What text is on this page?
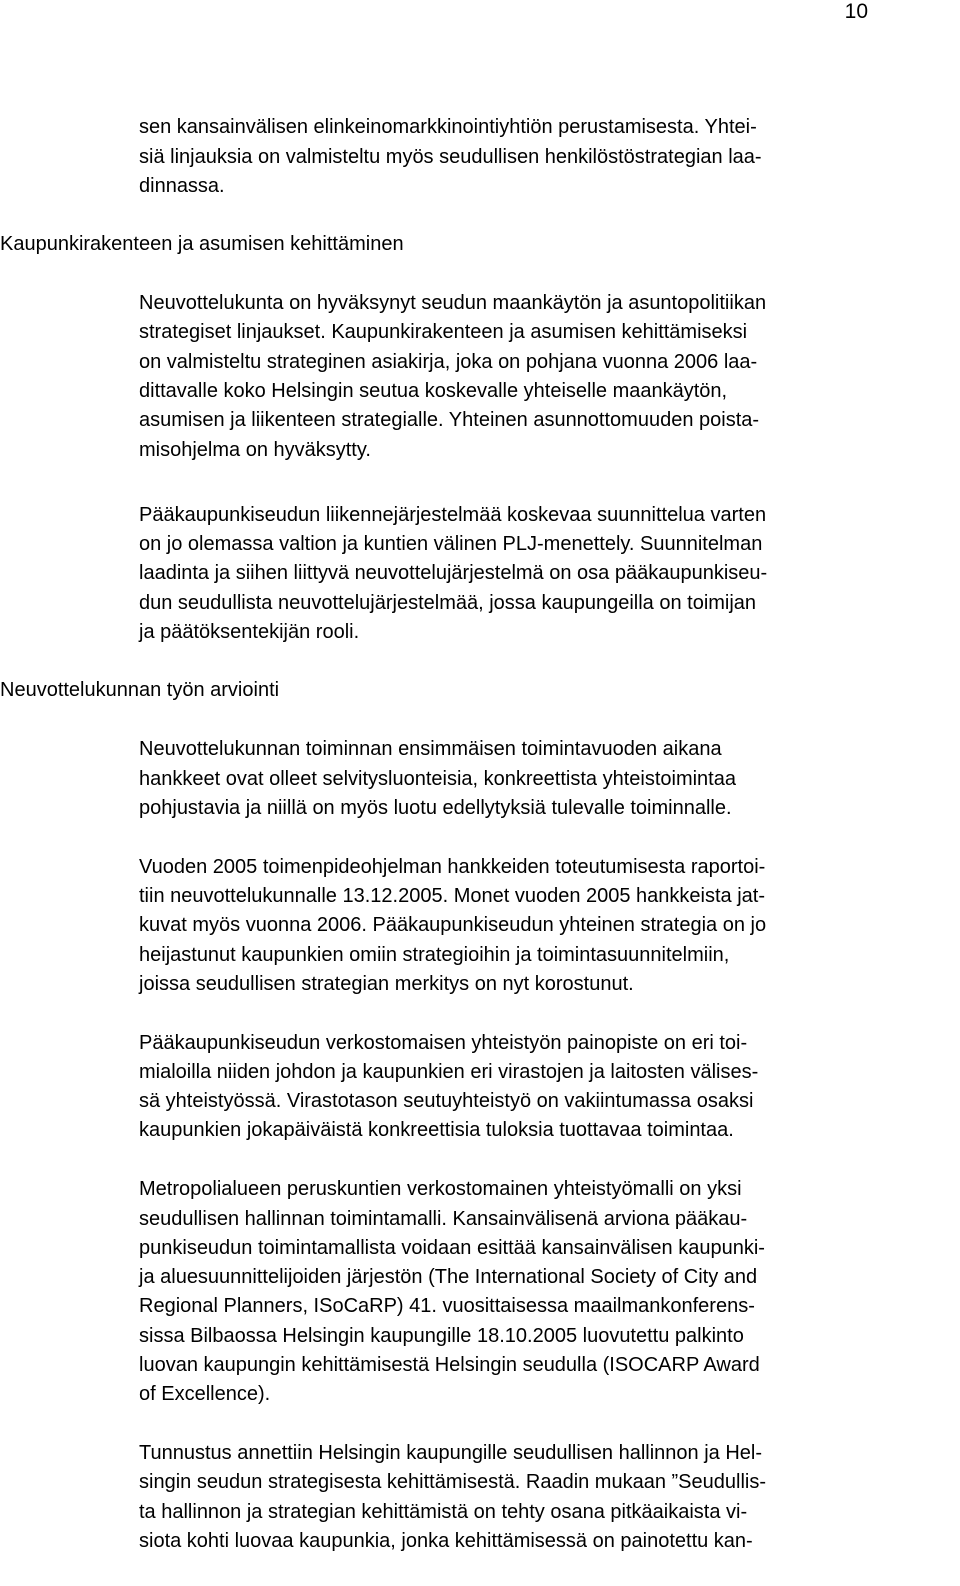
10

sen kansainvälisen elinkeinomarkkinointiyhtiön perustamisesta. Yhtei-

siä linjauksia on valmisteltu myös seudullisen henkilöstöstrategian laa-

dinnassa.

Kaupunkirakenteen ja asumisen kehittäminen

Neuvottelukunta on hyväksynyt seudun maankäytön ja asuntopolitiikan

strategiset linjaukset. Kaupunkirakenteen ja asumisen kehittämiseksi

on valmisteltu strateginen asiakirja, joka on pohjana vuonna 2006 laa-

dittavalle koko Helsingin seutua koskevalle yhteiselle maankäytön,

asumisen ja liikenteen strategialle. Yhteinen asunnottomuuden poista-

misohjelma on hyväksytty.

Pääkaupunkiseudun liikennejärjestelmää koskevaa suunnittelua varten

on jo olemassa valtion ja kuntien välinen PLJ-menettely. Suunnitelman

laadinta ja siihen liittyvä neuvottelujärjestelmä on osa pääkaupunkiseu-

dun seudullista neuvottelujärjestelmää, jossa kaupungeilla on toimijan

ja päätöksentekijän rooli.

Neuvottelukunnan työn arviointi

Neuvottelukunnan toiminnan ensimmäisen toimintavuoden aikana

hankkeet ovat olleet selvitysluonteisia, konkreettista yhteistoimintaa

pohjustavia ja niillä on myös luotu edellytyksiä tulevalle toiminnalle.

Vuoden 2005 toimenpideohjelman hankkeiden toteutumisesta raportoi-

tiin neuvottelukunnalle 13.12.2005. Monet vuoden 2005 hankkeista jat-

kuvat myös vuonna 2006. Pääkaupunkiseudun yhteinen strategia on jo

heijastunut kaupunkien omiin strategioihin ja toimintasuunnitelmiin,

joissa seudullisen strategian merkitys on nyt korostunut.

Pääkaupunkiseudun verkostomaisen yhteistyön painopiste on eri toi-

mialoilla niiden johdon ja kaupunkien eri virastojen ja laitosten välises-

sä yhteistyössä. Virastotason seutuyhteistyö on vakiintumassa osaksi

kaupunkien jokapäiväistä konkreettisia tuloksia tuottavaa toimintaa.

Metropolialueen peruskuntien verkostomainen yhteistyömalli on yksi

seudullisen hallinnan toimintamalli. Kansainvälisenä arviona pääkau-

punkiseudun toimintamallista voidaan esittää kansainvälisen kaupunki-

ja aluesuunnittelijoiden järjestön (The International Society of City and

Regional Planners, ISoCaRP) 41. vuosittaisessa maailmankonferens-

sissa Bilbaossa Helsingin kaupungille 18.10.2005 luovutettu palkinto

luovan kaupungin kehittämisestä Helsingin seudulla (ISOCARP Award

of Excellence).

Tunnustus annettiin Helsingin kaupungille seudullisen hallinnon ja Hel-

singin seudun strategisesta kehittämisestä. Raadin mukaan ”Seudullis-

ta hallinnon ja strategian kehittämistä on tehty osana pitkäaikaista vi-

siota kohti luovaa kaupunkia, jonka kehittämisessä on painotettu kan-
